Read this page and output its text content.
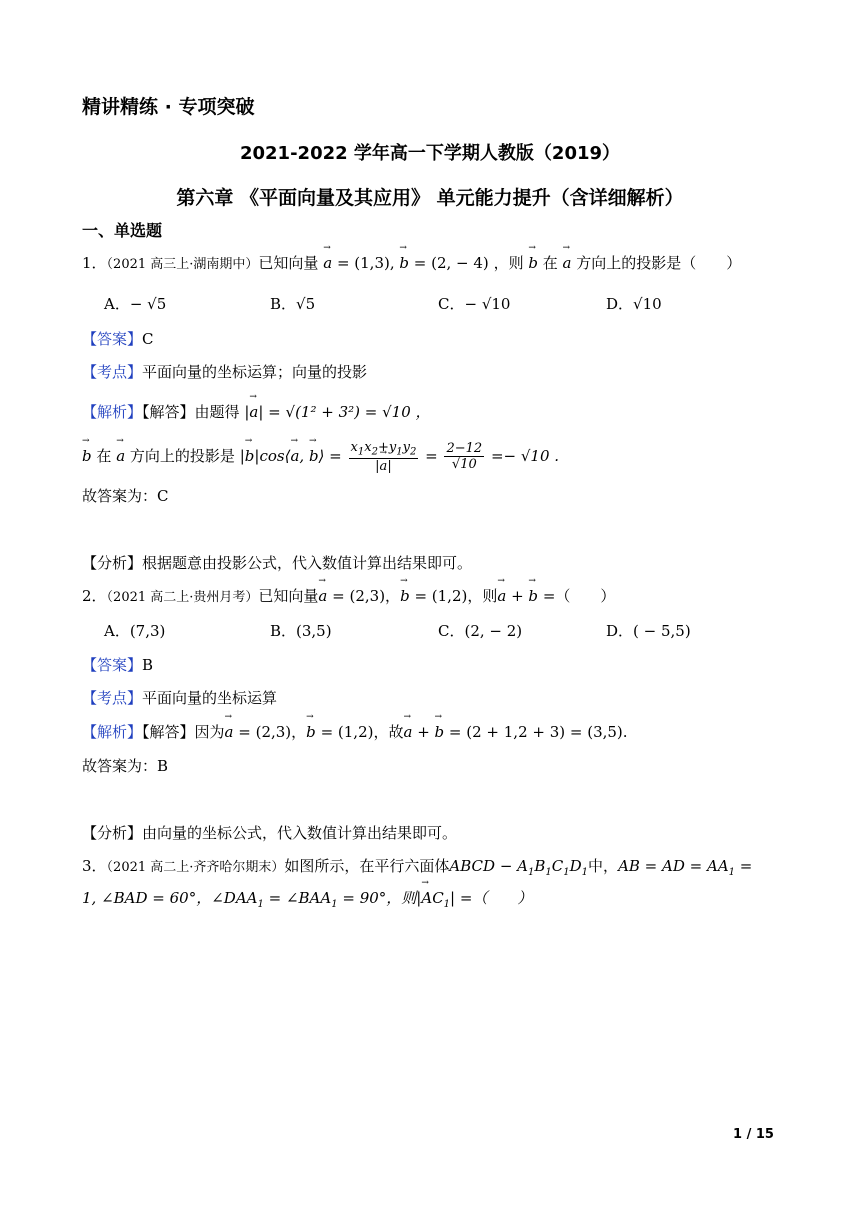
精讲精练 · 专项突破
2021-2022 学年高一下学期人教版（2019）
第六章 《平面向量及其应用》 单元能力提升（含详细解析）
一、单选题
1．（2021 高三上·湖南期中）已知向量 → a = (1,3), → b = (2, − 4) ，则 → b 在 → a 方向上的投影是（　　）
A．− √5	B．√5	C．− √10	D．√10
【答案】C
【考点】平面向量的坐标运算；向量的投影
【解析】【解答】由题得 |→ a| = √(1² + 3²) = √10 ，
→ b 在 → a 方向上的投影是 |→ b|cos⟨→ a, → b⟩ = $\frac{x_1x_2+y_1y_2}{|\to a|} = \frac{2-12}{√10} =- √10$ .
故答案为：C
【分析】根据题意由投影公式，代入数值计算出结果即可。
2．（2021 高二上·贵州月考）已知向量→ a = (2,3)，→ b = (1,2)，则→ a + → b =（　　）
A．(7,3)	B．(3,5)	C．(2, − 2)	D．( − 5,5)
【答案】B
【考点】平面向量的坐标运算
【解析】【解答】因为→ a = (2,3)，→ b = (1,2)，故→ a + → b = (2 + 1,2 + 3) = (3,5).
故答案为：B
【分析】由向量的坐标公式，代入数值计算出结果即可。
3．（2021 高二上·齐齐哈尔期末）如图所示，在平行六面体ABCD − $A_1B_1C_1D_1$中，AB = AD = $AA_1$ =
1, ∠BAD = 60°，$\angle DAA_1$ = $\angle BAA_1 = 90^\circ$，则|→ $AC_1|$ =（　　）
1 / 15
